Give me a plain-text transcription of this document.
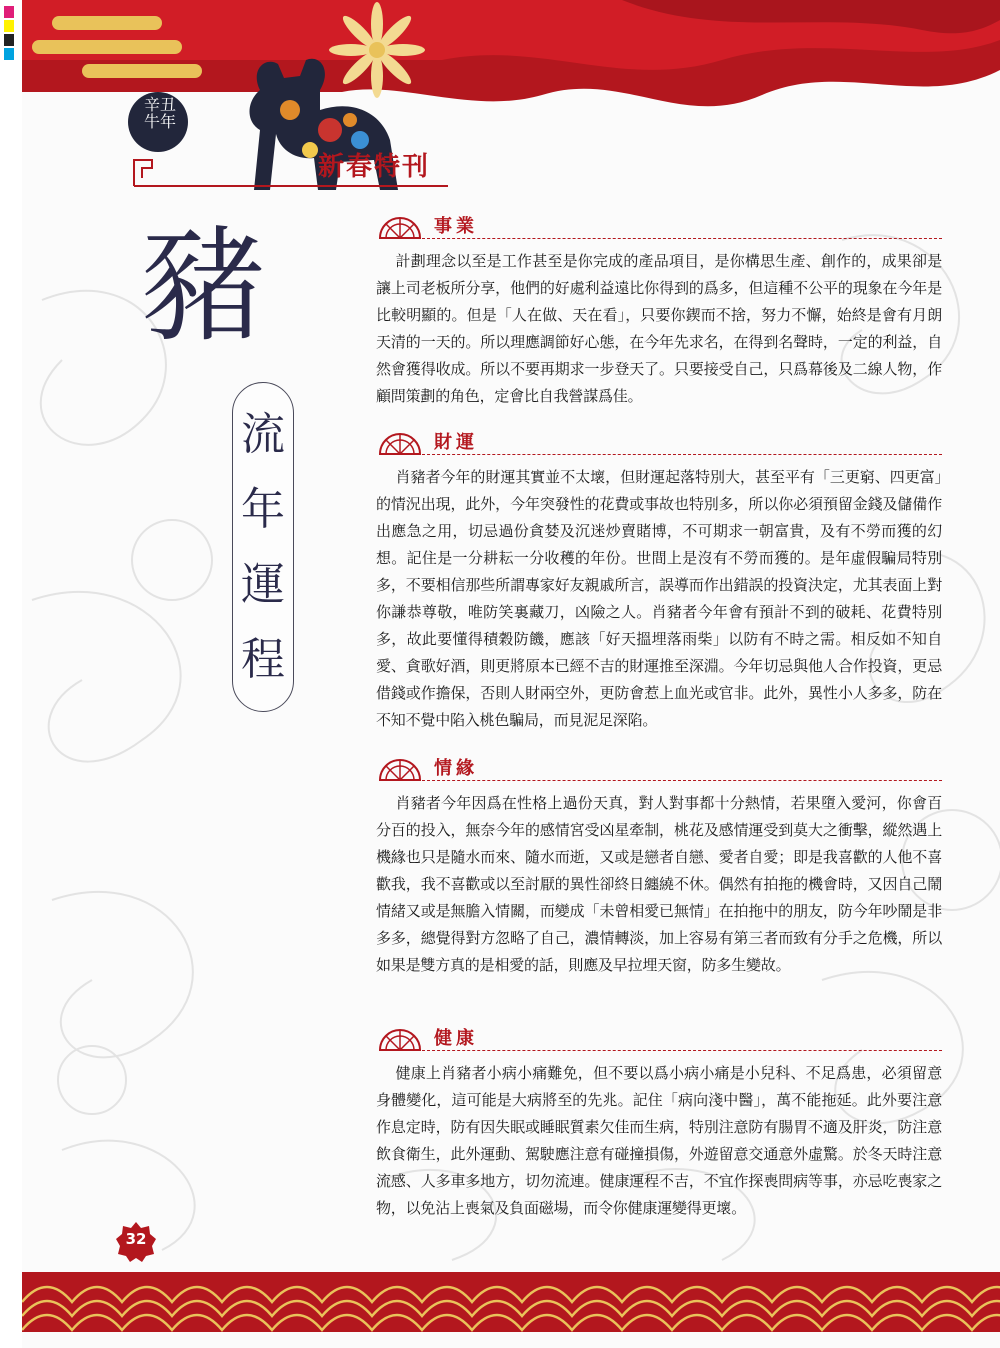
辛丑牛年
新春特刊
豬
流
年
運
程
事業
計劃理念以至是工作甚至是你完成的產品項目，是你構思生產、創作的，成果卻是讓上司老板所分享，他們的好處利益遠比你得到的爲多，但這種不公平的現象在今年是比較明顯的。但是「人在做、天在看」，只要你鍥而不捨，努力不懈，始終是會有月朗天清的一天的。所以理應調節好心態，在今年先求名，在得到名聲時，一定的利益，自然會獲得收成。所以不要再期求一步登天了。只要接受自己，只爲幕後及二線人物，作顧問策劃的角色，定會比自我營謀爲佳。
財運
肖豬者今年的財運其實並不太壞，但財運起落特別大，甚至平有「三更窮、四更富」的情況出現，此外，今年突發性的花費或事故也特別多，所以你必須預留金錢及儲備作出應急之用，切忌過份貪婪及沉迷炒賣賭博，不可期求一朝富貴，及有不勞而獲的幻想。記住是一分耕耘一分收穫的年份。世間上是沒有不勞而獲的。是年虛假騙局特別多，不要相信那些所謂專家好友親戚所言，誤導而作出錯誤的投資決定，尤其表面上對你謙恭尊敬，唯防笑裏藏刀，凶險之人。肖豬者今年會有預計不到的破耗、花費特別多，故此要懂得積穀防饑，應該「好天搵埋落雨柴」以防有不時之需。相反如不知自愛、貪歌好酒，則更將原本已經不吉的財運推至深淵。今年切忌與他人合作投資，更忌借錢或作擔保，否則人財兩空外，更防會惹上血光或官非。此外，異性小人多多，防在不知不覺中陷入桃色騙局，而見泥足深陷。
情緣
肖豬者今年因爲在性格上過份天真，對人對事都十分熱情，若果墮入愛河，你會百分百的投入，無奈今年的感情宮受凶星牽制，桃花及感情運受到莫大之衝擊，縱然遇上機緣也只是隨水而來、隨水而逝，又或是戀者自戀、愛者自愛；即是我喜歡的人他不喜歡我，我不喜歡或以至討厭的異性卻終日纏繞不休。偶然有拍拖的機會時，又因自己鬧情緒又或是無膽入情關，而變成「未曾相愛已無情」在拍拖中的朋友，防今年吵鬧是非多多，總覺得對方忽略了自己，濃情轉淡，加上容易有第三者而致有分手之危機，所以如果是雙方真的是相愛的話，則應及早拉埋天窗，防多生變故。
健康
健康上肖豬者小病小痛難免，但不要以爲小病小痛是小兒科、不足爲患，必須留意身體變化，這可能是大病將至的先兆。記住「病向淺中醫」，萬不能拖延。此外要注意作息定時，防有因失眠或睡眠質素欠佳而生病，特別注意防有腸胃不適及肝炎，防注意飲食衛生，此外運動、駕駛應注意有碰撞損傷，外遊留意交通意外虛驚。於冬天時注意流感、人多車多地方，切勿流連。健康運程不吉，不宜作探喪問病等事，亦忌吃喪家之物，以免沾上喪氣及負面磁場，而令你健康運變得更壞。
32
